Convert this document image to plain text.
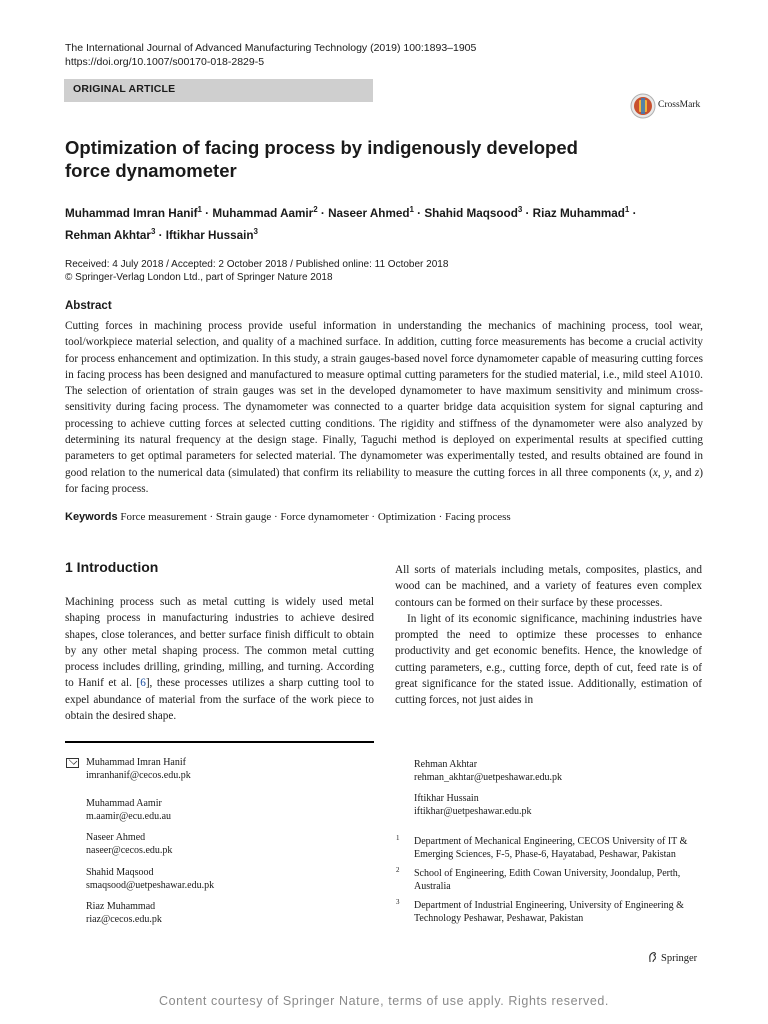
The International Journal of Advanced Manufacturing Technology (2019) 100:1893–1905
https://doi.org/10.1007/s00170-018-2829-5
ORIGINAL ARTICLE
CrossMark
Optimization of facing process by indigenously developed
force dynamometer
Muhammad Imran Hanif$^1$ · Muhammad Aamir$^2$ · Naseer Ahmed$^1$ · Shahid Maqsood$^3$ · Riaz Muhammad$^1$ ·
Rehman Akhtar$^3$ · Iftikhar Hussain$^3$
Received: 4 July 2018 / Accepted: 2 October 2018 / Published online: 11 October 2018
© Springer-Verlag London Ltd., part of Springer Nature 2018
Abstract
Cutting forces in machining process provide useful information in understanding the mechanics of machining process, tool wear, tool/workpiece material selection, and quality of a machined surface. In addition, cutting force measurements has become a crucial activity for process enhancement and optimization. In this study, a strain gauges-based novel force dynamometer capable of measuring cutting forces in facing process has been designed and manufactured to measure optimal cutting parameters for the studied material, i.e., mild steel A1010. The selection of orientation of strain gauges was set in the developed dynamometer to have maximum sensitivity and minimum cross-sensitivity during facing process. The dynamometer was connected to a quarter bridge data acquisition system for signal capturing and processing to achieve cutting forces at selected cutting conditions. The rigidity and stiffness of the dynamometer were also analyzed by determining its natural frequency at the design stage. Finally, Taguchi method is deployed on experimental results at specified cutting parameters to get optimal parameters for selected material. The dynamometer was experimentally tested, and results obtained are found in good relation to the numerical data (simulated) that confirm its reliability to measure the cutting forces in all three components (x, y, and z) for facing process.
Keywords Force measurement · Strain gauge · Force dynamometer · Optimization · Facing process
1 Introduction
Machining process such as metal cutting is widely used metal shaping process in manufacturing industries to achieve desired shapes, close tolerances, and better surface finish difficult to obtain by any other metal shaping process. The common metal cutting process includes drilling, grinding, milling, and turning. According to Hanif et al. [6], these processes utilizes a sharp cutting tool to expel abundance of material from the surface of the work piece to obtain the desired shape.
All sorts of materials including metals, composites, plastics, and wood can be machined, and a variety of features even complex contours can be formed on their surface by these processes.
In light of its economic significance, machining industries have prompted the need to optimize these processes to enhance productivity and get economic benefits. Hence, the knowledge of cutting parameters, e.g., cutting force, depth of cut, feed rate is of great significance for the stated issue. Additionally, estimation of cutting forces, not just aides in
Muhammad Imran Hanif
imranhanif@cecos.edu.pk
Muhammad Aamir
m.aamir@ecu.edu.au
Naseer Ahmed
naseer@cecos.edu.pk
Shahid Maqsood
smaqsood@uetpeshawar.edu.pk
Riaz Muhammad
riaz@cecos.edu.pk
Rehman Akhtar
rehman_akhtar@uetpeshawar.edu.pk
Iftikhar Hussain
iftikhar@uetpeshawar.edu.pk
1 Department of Mechanical Engineering, CECOS University of IT & Emerging Sciences, F-5, Phase-6, Hayatabad, Peshawar, Pakistan
2 School of Engineering, Edith Cowan University, Joondalup, Perth, Australia
3 Department of Industrial Engineering, University of Engineering & Technology Peshawar, Peshawar, Pakistan
Springer
Content courtesy of Springer Nature, terms of use apply. Rights reserved.
